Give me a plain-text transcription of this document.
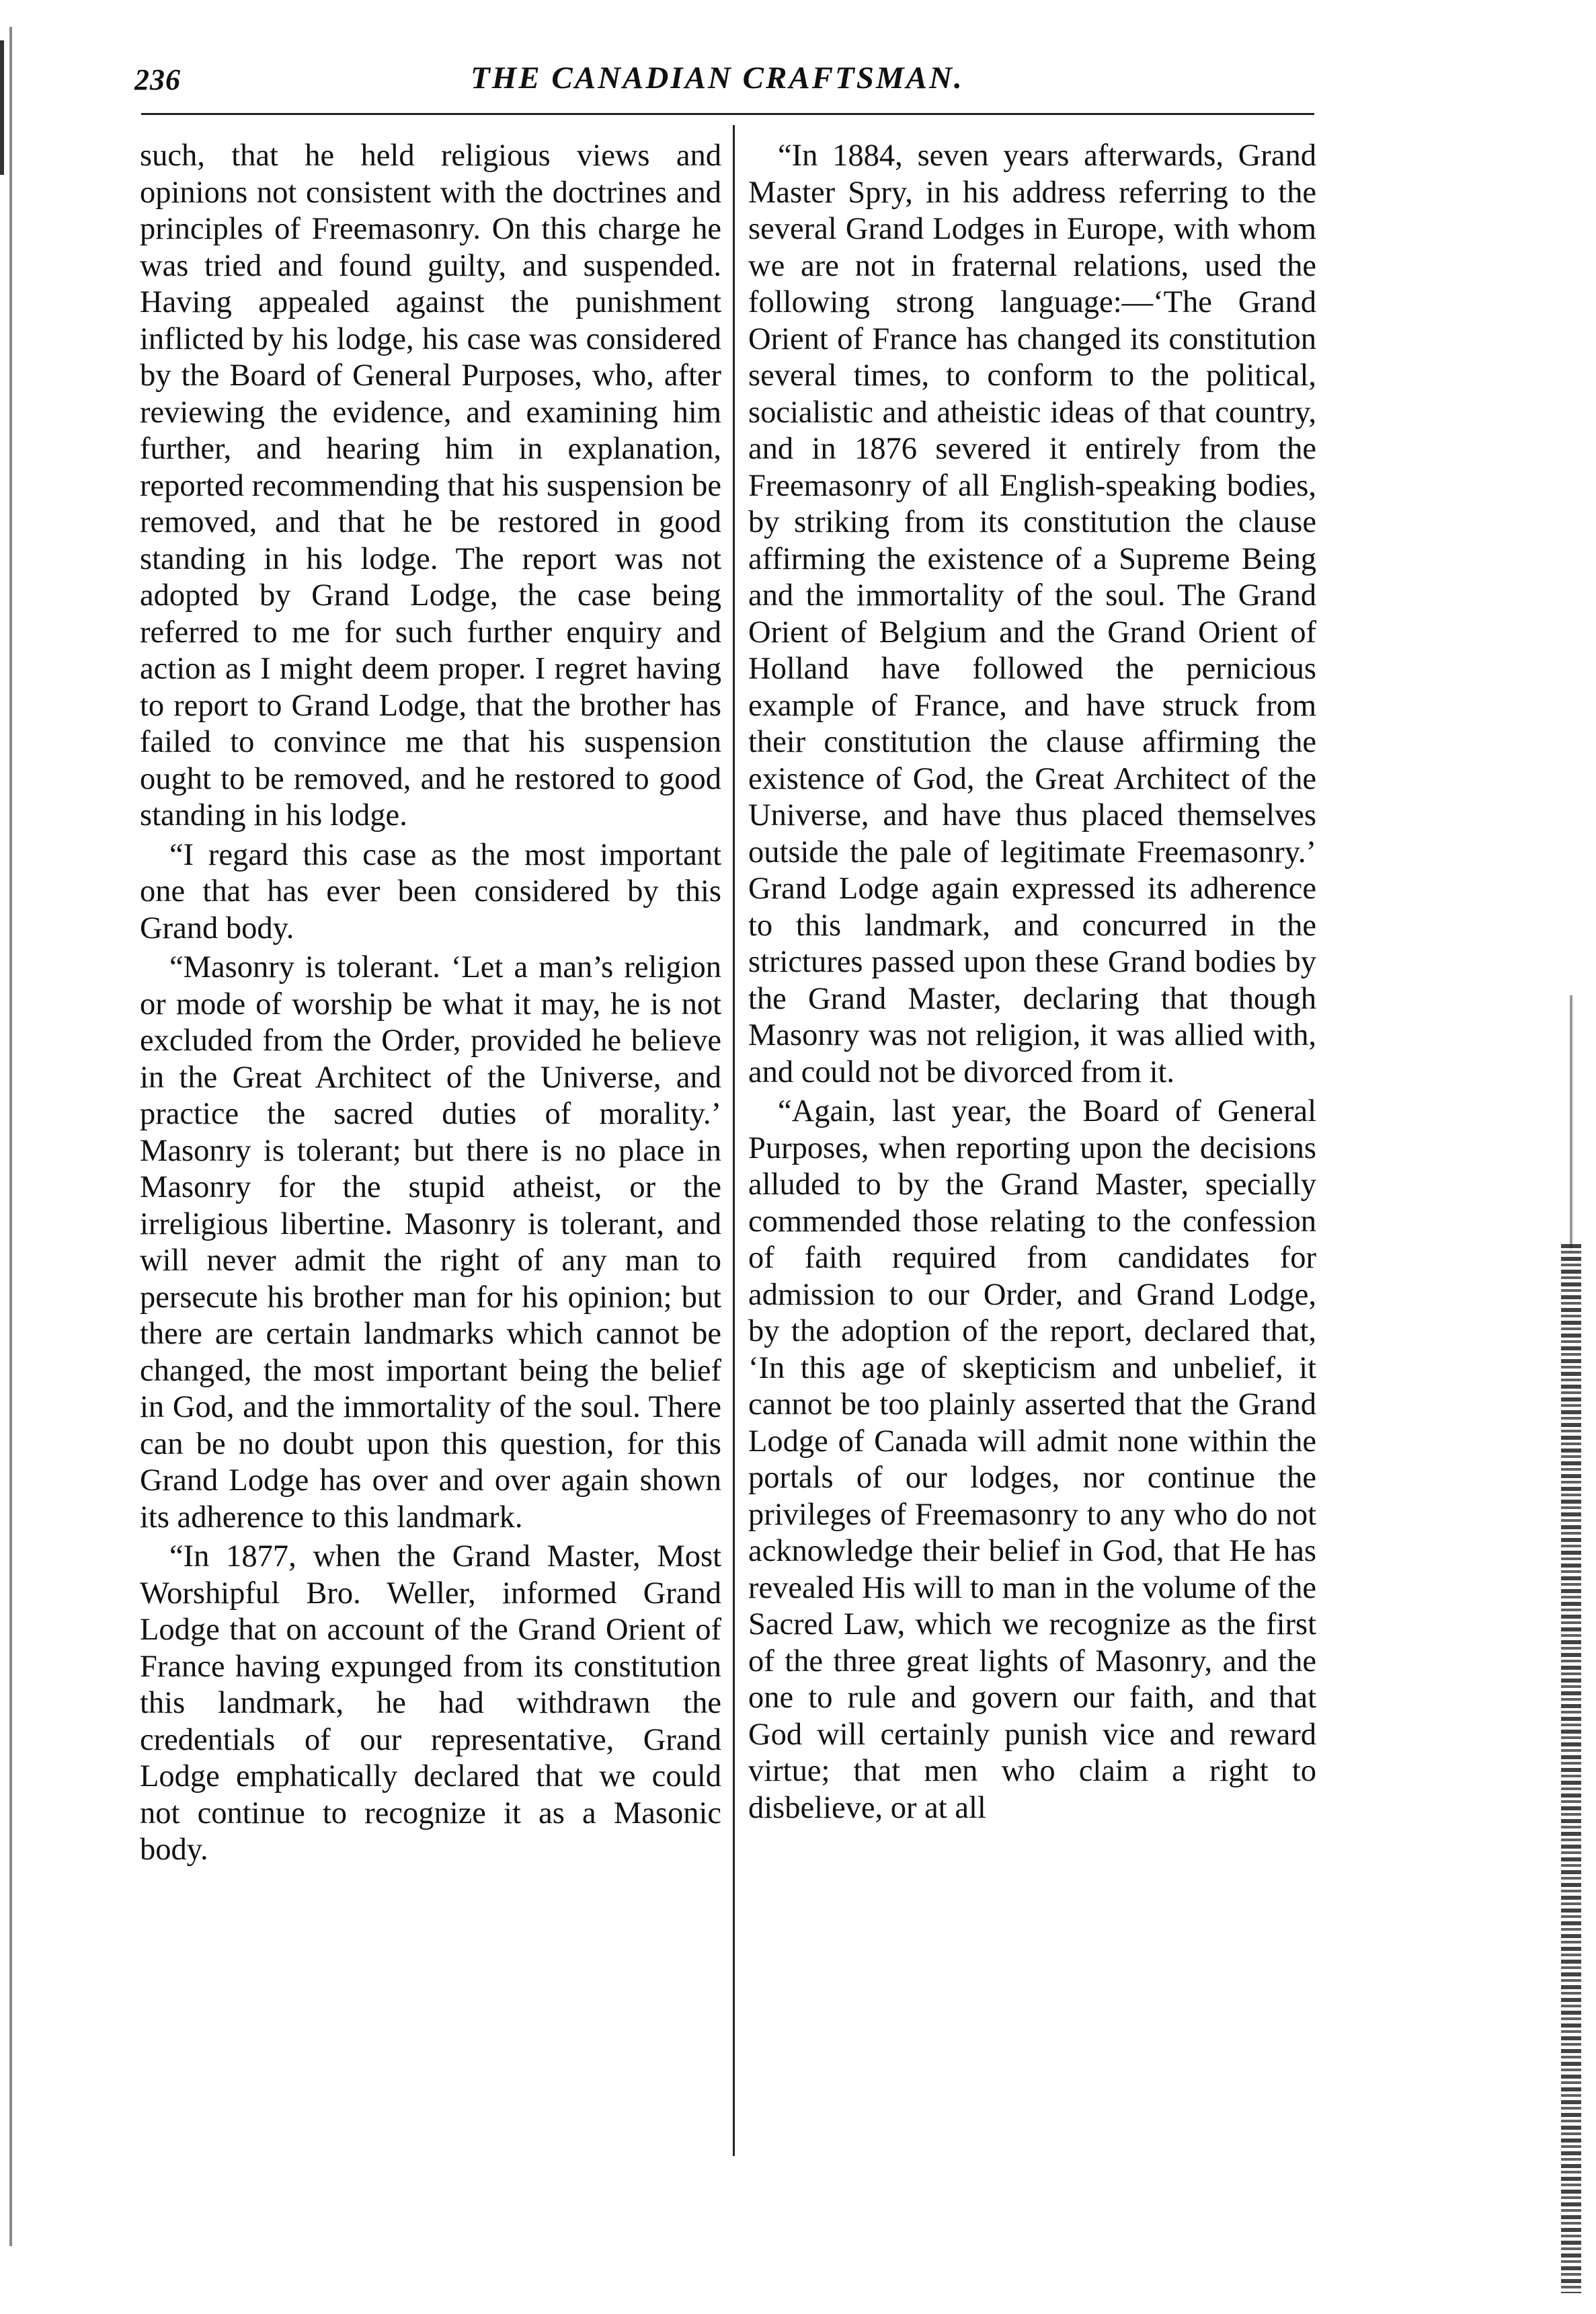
236	THE CANADIAN CRAFTSMAN.

such, that he held religious views and opinions not consistent with the doctrines and principles of Freemasonry. On this charge he was tried and found guilty, and suspended. Having appealed against the punishment inflicted by his lodge, his case was considered by the Board of General Purposes, who, after reviewing the evidence, and examining him further, and hearing him in explanation, reported recommending that his suspension be removed, and that he be restored in good standing in his lodge. The report was not adopted by Grand Lodge, the case being referred to me for such further enquiry and action as I might deem proper. I regret having to report to Grand Lodge, that the brother has failed to convince me that his suspension ought to be removed, and he restored to good standing in his lodge.

“I regard this case as the most important one that has ever been considered by this Grand body.

“Masonry is tolerant. ‘Let a man’s religion or mode of worship be what it may, he is not excluded from the Order, provided he believe in the Great Architect of the Universe, and practice the sacred duties of morality.’ Masonry is tolerant; but there is no place in Masonry for the stupid atheist, or the irreligious libertine. Masonry is tolerant, and will never admit the right of any man to persecute his brother man for his opinion; but there are certain landmarks which cannot be changed, the most important being the belief in God, and the immortality of the soul. There can be no doubt upon this question, for this Grand Lodge has over and over again shown its adherence to this landmark.

“In 1877, when the Grand Master, Most Worshipful Bro. Weller, informed Grand Lodge that on account of the Grand Orient of France having expunged from its constitution this landmark, he had withdrawn the credentials of our representative, Grand Lodge emphatically declared that we could not continue to recognize it as a Masonic body.

“In 1884, seven years afterwards, Grand Master Spry, in his address referring to the several Grand Lodges in Europe, with whom we are not in fraternal relations, used the following strong language:—‘The Grand Orient of France has changed its constitution several times, to conform to the political, socialistic and atheistic ideas of that country, and in 1876 severed it entirely from the Freemasonry of all English-speaking bodies, by striking from its constitution the clause affirming the existence of a Supreme Being and the immortality of the soul. The Grand Orient of Belgium and the Grand Orient of Holland have followed the pernicious example of France, and have struck from their constitution the clause affirming the existence of God, the Great Architect of the Universe, and have thus placed themselves outside the pale of legitimate Freemasonry.’ Grand Lodge again expressed its adherence to this landmark, and concurred in the strictures passed upon these Grand bodies by the Grand Master, declaring that though Masonry was not religion, it was allied with, and could not be divorced from it.

“Again, last year, the Board of General Purposes, when reporting upon the decisions alluded to by the Grand Master, specially commended those relating to the confession of faith required from candidates for admission to our Order, and Grand Lodge, by the adoption of the report, declared that, ‘In this age of skepticism and unbelief, it cannot be too plainly asserted that the Grand Lodge of Canada will admit none within the portals of our lodges, nor continue the privileges of Freemasonry to any who do not acknowledge their belief in God, that He has revealed His will to man in the volume of the Sacred Law, which we recognize as the first of the three great lights of Masonry, and the one to rule and govern our faith, and that God will certainly punish vice and reward virtue; that men who claim a right to disbelieve, or at all
